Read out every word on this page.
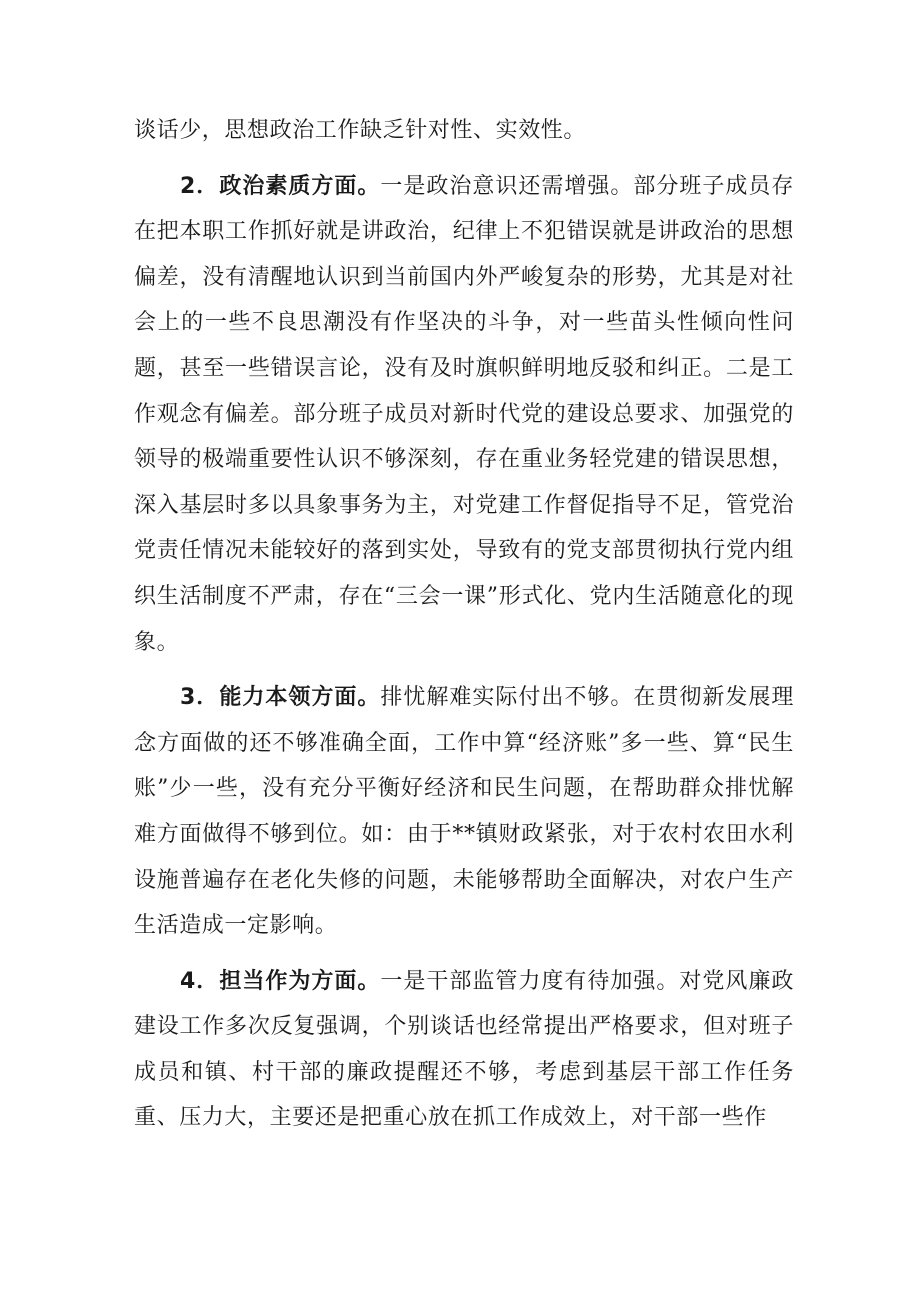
谈话少，思想政治工作缺乏针对性、实效性。

2．政治素质方面。一是政治意识还需增强。部分班子成员存在把本职工作抓好就是讲政治，纪律上不犯错误就是讲政治的思想偏差，没有清醒地认识到当前国内外严峻复杂的形势，尤其是对社会上的一些不良思潮没有作坚决的斗争，对一些苗头性倾向性问题，甚至一些错误言论，没有及时旗帜鲜明地反驳和纠正。二是工作观念有偏差。部分班子成员对新时代党的建设总要求、加强党的领导的极端重要性认识不够深刻，存在重业务轻党建的错误思想，深入基层时多以具象事务为主，对党建工作督促指导不足，管党治党责任情况未能较好的落到实处，导致有的党支部贯彻执行党内组织生活制度不严肃，存在“三会一课”形式化、党内生活随意化的现象。

3．能力本领方面。排忧解难实际付出不够。在贯彻新发展理念方面做的还不够准确全面，工作中算“经济账”多一些、算“民生账”少一些，没有充分平衡好经济和民生问题，在帮助群众排忧解难方面做得不够到位。如：由于**镇财政紧张，对于农村农田水利设施普遍存在老化失修的问题，未能够帮助全面解决，对农户生产生活造成一定影响。

4．担当作为方面。一是干部监管力度有待加强。对党风廉政建设工作多次反复强调，个别谈话也经常提出严格要求，但对班子成员和镇、村干部的廉政提醒还不够，考虑到基层干部工作任务重、压力大，主要还是把重心放在抓工作成效上，对干部一些作
